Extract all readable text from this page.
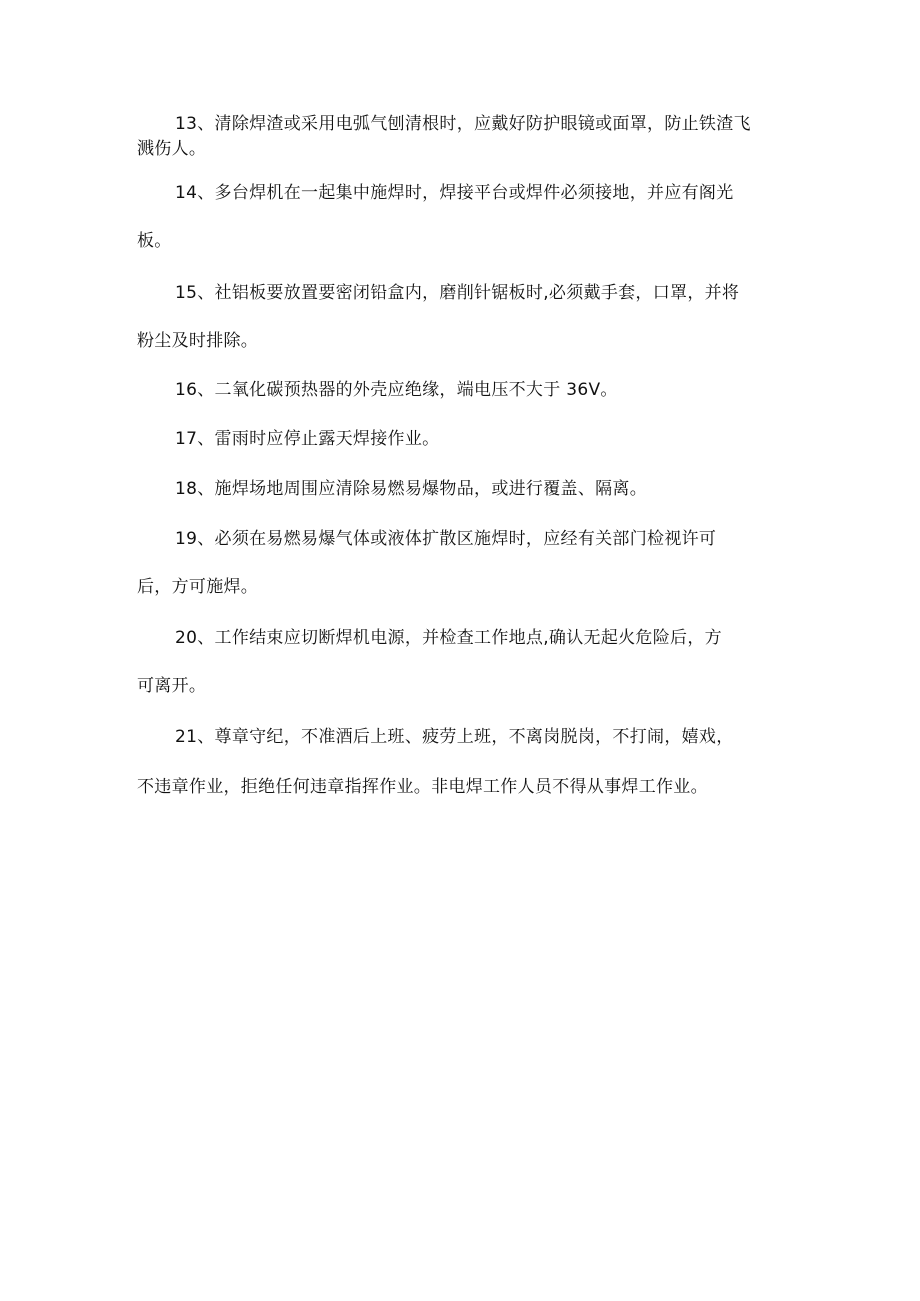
13、清除焊渣或采用电弧气刨清根时，应戴好防护眼镜或面罩，防止铁渣飞
溅伤人。

14、多台焊机在一起集中施焊时，焊接平台或焊件必须接地，并应有阁光
板。

15、社铝板要放置要密闭铅盒内，磨削针锯板时,必须戴手套，口罩，并将
粉尘及时排除。

16、二氧化碳预热器的外壳应绝缘，端电压不大于 36V。

17、雷雨时应停止露天焊接作业。

18、施焊场地周围应清除易燃易爆物品，或进行覆盖、隔离。

19、必须在易燃易爆气体或液体扩散区施焊时，应经有关部门检视许可
后，方可施焊。

20、工作结束应切断焊机电源，并检查工作地点,确认无起火危险后，方
可离开。

21、尊章守纪，不准酒后上班、疲劳上班，不离岗脱岗，不打闹，嬉戏，
不违章作业，拒绝任何违章指挥作业。非电焊工作人员不得从事焊工作业。
